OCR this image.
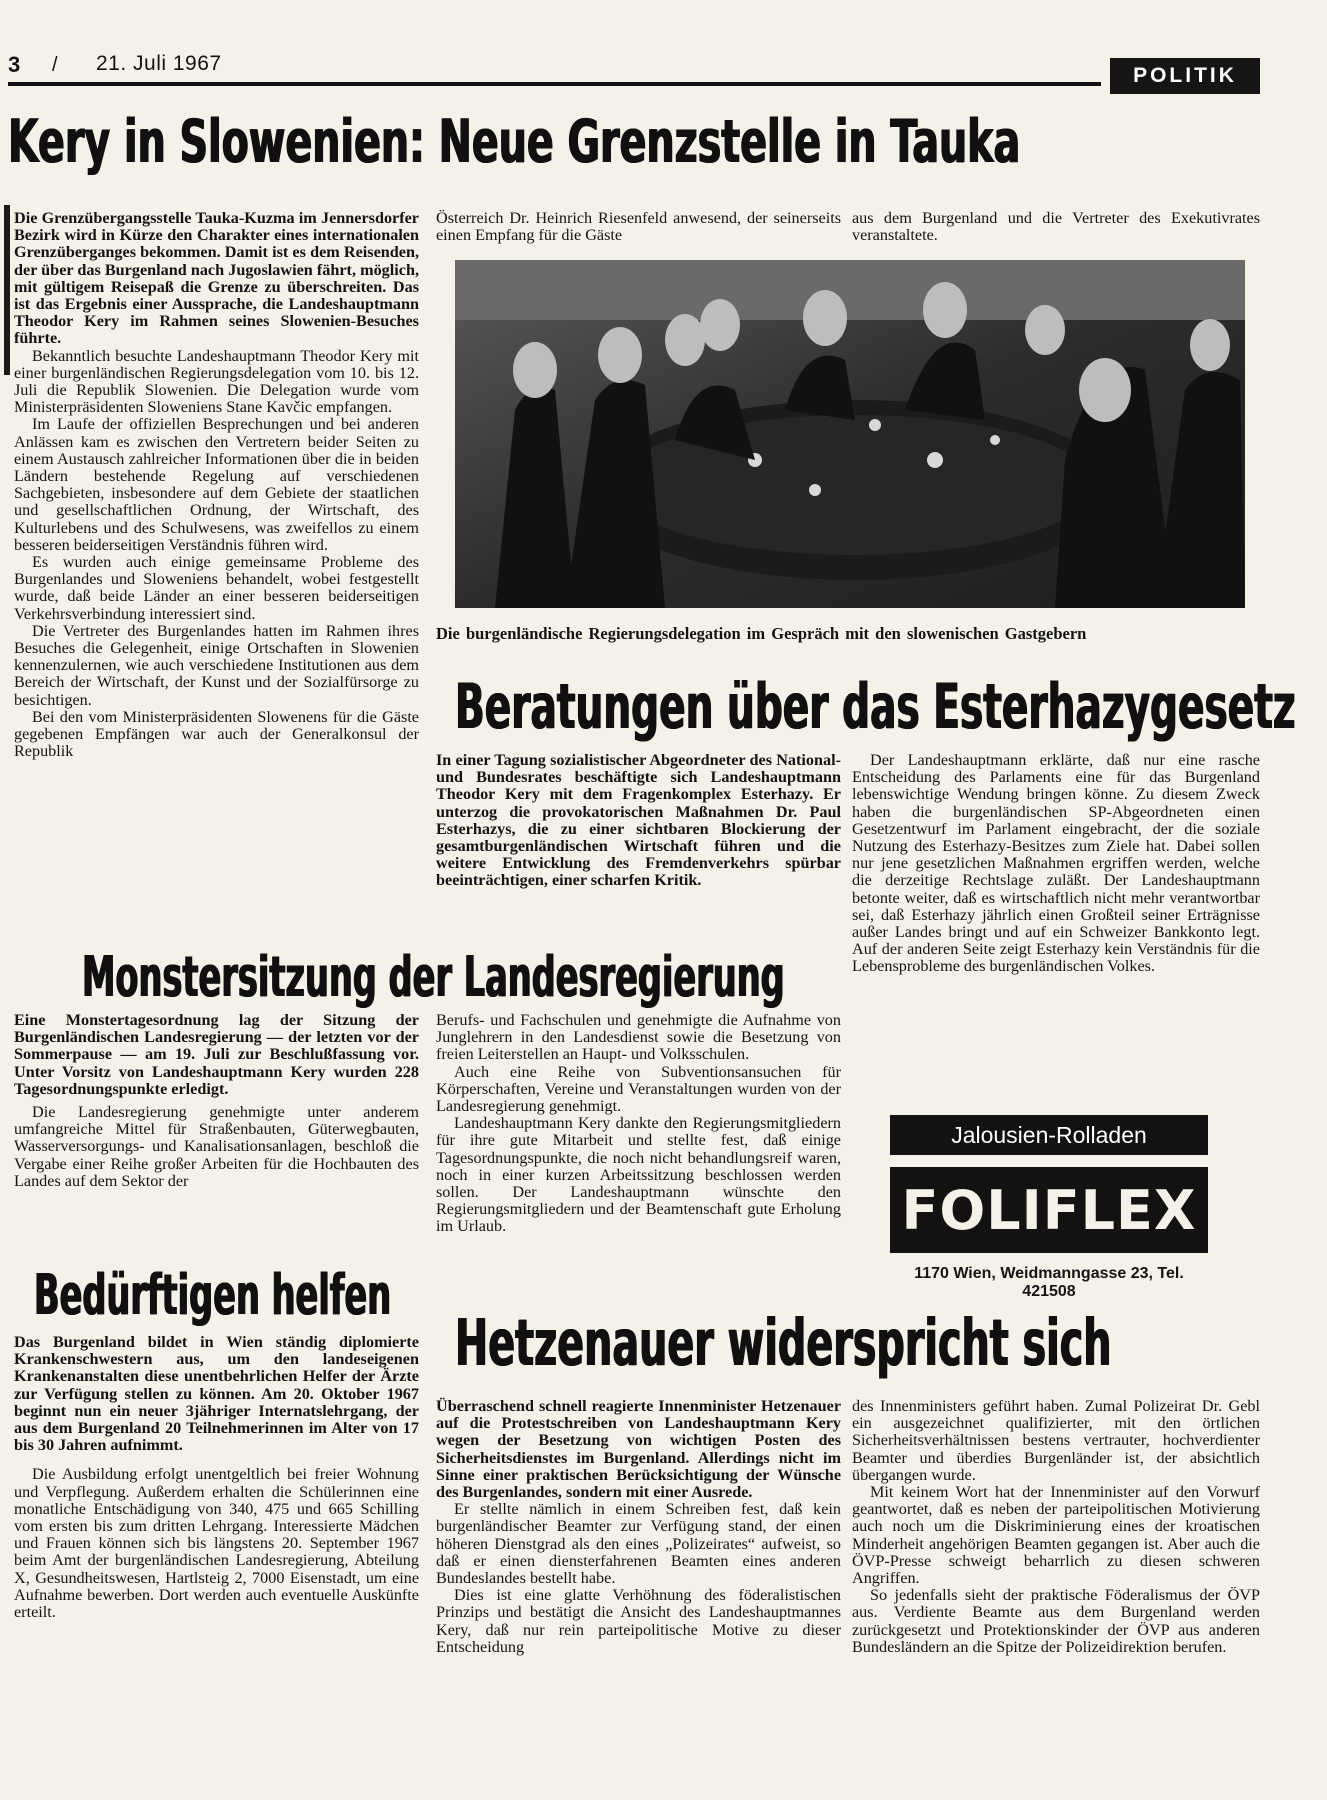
3 / 21. Juli 1967
POLITIK
Kery in Slowenien: Neue Grenzstelle in Tauka

Die Grenzübergangsstelle Tauka-Kuzma im Jennersdorfer Bezirk wird in Kürze den Charakter eines internationalen Grenzüberganges bekommen. Damit ist es dem Reisenden, der über das Burgenland nach Jugoslawien fährt, möglich, mit gültigem Reisepaß die Grenze zu überschreiten. Das ist das Ergebnis einer Aussprache, die Landeshauptmann Theodor Kery im Rahmen seines Slowenien-Besuches führte.

Bekanntlich besuchte Landeshauptmann Theodor Kery mit einer burgenländischen Regierungsdelegation vom 10. bis 12. Juli die Republik Slowenien. Die Delegation wurde vom Ministerpräsidenten Sloweniens Stane Kavčic empfangen.

Im Laufe der offiziellen Besprechungen und bei anderen Anlässen kam es zwischen den Vertretern beider Seiten zu einem Austausch zahlreicher Informationen über die in beiden Ländern bestehende Regelung auf verschiedenen Sachgebieten, insbesondere auf dem Gebiete der staatlichen und gesellschaftlichen Ordnung, der Wirtschaft, des Kulturlebens und des Schulwesens, was zweifellos zu einem besseren beiderseitigen Verständnis führen wird.

Es wurden auch einige gemeinsame Probleme des Burgenlandes und Sloweniens behandelt, wobei festgestellt wurde, daß beide Länder an einer besseren beiderseitigen Verkehrsverbindung interessiert sind.

Die Vertreter des Burgenlandes hatten im Rahmen ihres Besuches die Gelegenheit, einige Ortschaften in Slowenien kennenzulernen, wie auch verschiedene Institutionen aus dem Bereich der Wirtschaft, der Kunst und der Sozialfürsorge zu besichtigen.

Bei den vom Ministerpräsidenten Slowenens für die Gäste gegebenen Empfängen war auch der Generalkonsul der Republik

Österreich Dr. Heinrich Riesenfeld anwesend, der seinerseits einen Empfang für die Gäste

aus dem Burgenland und die Vertreter des Exekutivrates veranstaltete.

Die burgenländische Regierungsdelegation im Gespräch mit den slowenischen Gastgebern
Beratungen über das Esterhazygesetz

In einer Tagung sozialistischer Abgeordneter des National- und Bundesrates beschäftigte sich Landeshauptmann Theodor Kery mit dem Fragenkomplex Esterhazy. Er unterzog die provokatorischen Maßnahmen Dr. Paul Esterhazys, die zu einer sichtbaren Blockierung der gesamtburgenländischen Wirtschaft führen und die weitere Entwicklung des Fremdenverkehrs spürbar beeinträchtigen, einer scharfen Kritik.

Der Landeshauptmann erklärte, daß nur eine rasche Entscheidung des Parlaments eine für das Burgenland lebenswichtige Wendung bringen könne. Zu diesem Zweck haben die burgenländischen SP-Abgeordneten einen Gesetzentwurf im Parlament eingebracht, der die soziale Nutzung des Esterhazy-Besitzes zum Ziele hat. Dabei sollen nur jene gesetzlichen Maßnahmen ergriffen werden, welche die derzeitige Rechtslage zuläßt. Der Landeshauptmann betonte weiter, daß es wirtschaftlich nicht mehr verantwortbar sei, daß Esterhazy jährlich einen Großteil seiner Erträgnisse außer Landes bringt und auf ein Schweizer Bankkonto legt. Auf der anderen Seite zeigt Esterhazy kein Verständnis für die Lebensprobleme des burgenländischen Volkes.

Monstersitzung der Landesregierung

Eine Monstertagesordnung lag der Sitzung der Burgenländischen Landesregierung — der letzten vor der Sommerpause — am 19. Juli zur Beschlußfassung vor. Unter Vorsitz von Landeshauptmann Kery wurden 228 Tagesordnungspunkte erledigt.

Die Landesregierung genehmigte unter anderem umfangreiche Mittel für Straßenbauten, Güterwegbauten, Wasserversorgungs- und Kanalisationsanlagen, beschloß die Vergabe einer Reihe großer Arbeiten für die Hochbauten des Landes auf dem Sektor der

Berufs- und Fachschulen und genehmigte die Aufnahme von Junglehrern in den Landesdienst sowie die Besetzung von freien Leiterstellen an Haupt- und Volksschulen.

Auch eine Reihe von Subventionsansuchen für Körperschaften, Vereine und Veranstaltungen wurden von der Landesregierung genehmigt.

Landeshauptmann Kery dankte den Regierungsmitgliedern für ihre gute Mitarbeit und stellte fest, daß einige Tagesordnungspunkte, die noch nicht behandlungsreif waren, noch in einer kurzen Arbeitssitzung beschlossen werden sollen. Der Landeshauptmann wünschte den Regierungsmitgliedern und der Beamtenschaft gute Erholung im Urlaub.

Jalousien-Rolladen
FOLIFLEX
1170 Wien, Weidmanngasse 23, Tel. 421508
Bedürftigen helfen

Das Burgenland bildet in Wien ständig diplomierte Krankenschwestern aus, um den landeseigenen Krankenanstalten diese unentbehrlichen Helfer der Ärzte zur Verfügung stellen zu können. Am 20. Oktober 1967 beginnt nun ein neuer 3jähriger Internatslehrgang, der aus dem Burgenland 20 Teilnehmerinnen im Alter von 17 bis 30 Jahren aufnimmt.

Die Ausbildung erfolgt unentgeltlich bei freier Wohnung und Verpflegung. Außerdem erhalten die Schülerinnen eine monatliche Entschädigung von 340, 475 und 665 Schilling vom ersten bis zum dritten Lehrgang. Interessierte Mädchen und Frauen können sich bis längstens 20. September 1967 beim Amt der burgenländischen Landesregierung, Abteilung X, Gesundheitswesen, Hartlsteig 2, 7000 Eisenstadt, um eine Aufnahme bewerben. Dort werden auch eventuelle Auskünfte erteilt.

Hetzenauer widerspricht sich

Überraschend schnell reagierte Innenminister Hetzenauer auf die Protestschreiben von Landeshauptmann Kery wegen der Besetzung von wichtigen Posten des Sicherheitsdienstes im Burgenland. Allerdings nicht im Sinne einer praktischen Berücksichtigung der Wünsche des Burgenlandes, sondern mit einer Ausrede.

Er stellte nämlich in einem Schreiben fest, daß kein burgenländischer Beamter zur Verfügung stand, der einen höheren Dienstgrad als den eines „Polizeirates“ aufweist, so daß er einen diensterfahrenen Beamten eines anderen Bundeslandes bestellt habe.

Dies ist eine glatte Verhöhnung des föderalistischen Prinzips und bestätigt die Ansicht des Landeshauptmannes Kery, daß nur rein parteipolitische Motive zu dieser Entscheidung

des Innenministers geführt haben. Zumal Polizeirat Dr. Gebl ein ausgezeichnet qualifizierter, mit den örtlichen Sicherheitsverhältnissen bestens vertrauter, hochverdienter Beamter und überdies Burgenländer ist, der absichtlich übergangen wurde.

Mit keinem Wort hat der Innenminister auf den Vorwurf geantwortet, daß es neben der parteipolitischen Motivierung auch noch um die Diskriminierung eines der kroatischen Minderheit angehörigen Beamten gegangen ist. Aber auch die ÖVP-Presse schweigt beharrlich zu diesen schweren Angriffen.

So jedenfalls sieht der praktische Föderalismus der ÖVP aus. Verdiente Beamte aus dem Burgenland werden zurückgesetzt und Protektionskinder der ÖVP aus anderen Bundesländern an die Spitze der Polizeidirektion berufen.
